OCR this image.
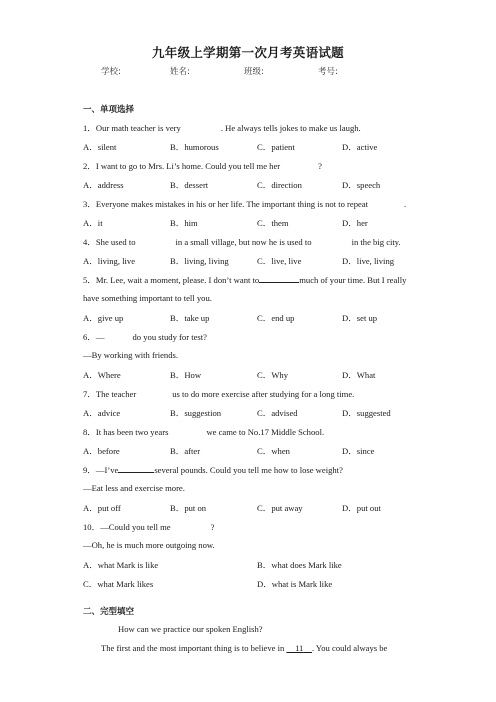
九年级上学期第一次月考英语试题
学校:	姓名:	班级:	考号:
一、单项选择
1．Our math teacher is very	. He always tells jokes to make us laugh.
A．silent	B．humorous	C．patient	D．active
2．I want to go to Mrs. Li’s home. Could you tell me her	?
A．address	B．dessert	C．direction	D．speech
3．Everyone makes mistakes in his or her life. The important thing is not to repeat	.
A．it	B．him	C．them	D．her
4．She used to	in a small village, but now he is used to	in the big city.
A．living, live	B．living, living	C．live, live	D．live, living
5．Mr. Lee, wait a moment, please. I don’t want to	much of your time. But I really
have something important to tell you.
A．give up	B．take up	C．end up	D．set up
6．—	do you study for test?
—By working with friends.
A．Where	B．How	C．Why	D．What
7．The teacher	us to do more exercise after studying for a long time.
A．advice	B．suggestion	C．advised	D．suggested
8．It has been two years	we came to No.17 Middle School.
A．before	B．after	C．when	D．since
9．—I’ve	several pounds. Could you tell me how to lose weight?
—Eat less and exercise more.
A．put off	B．put on	C．put away	D．put out
10．—Could you tell me	?
—Oh, he is much more outgoing now.
A．what Mark is like	B．what does Mark like
C．what Mark likes	D．what is Mark like
二、完型填空
How can we practice our spoken English?
The first and the most important thing is to believe in 11 . You could always be
